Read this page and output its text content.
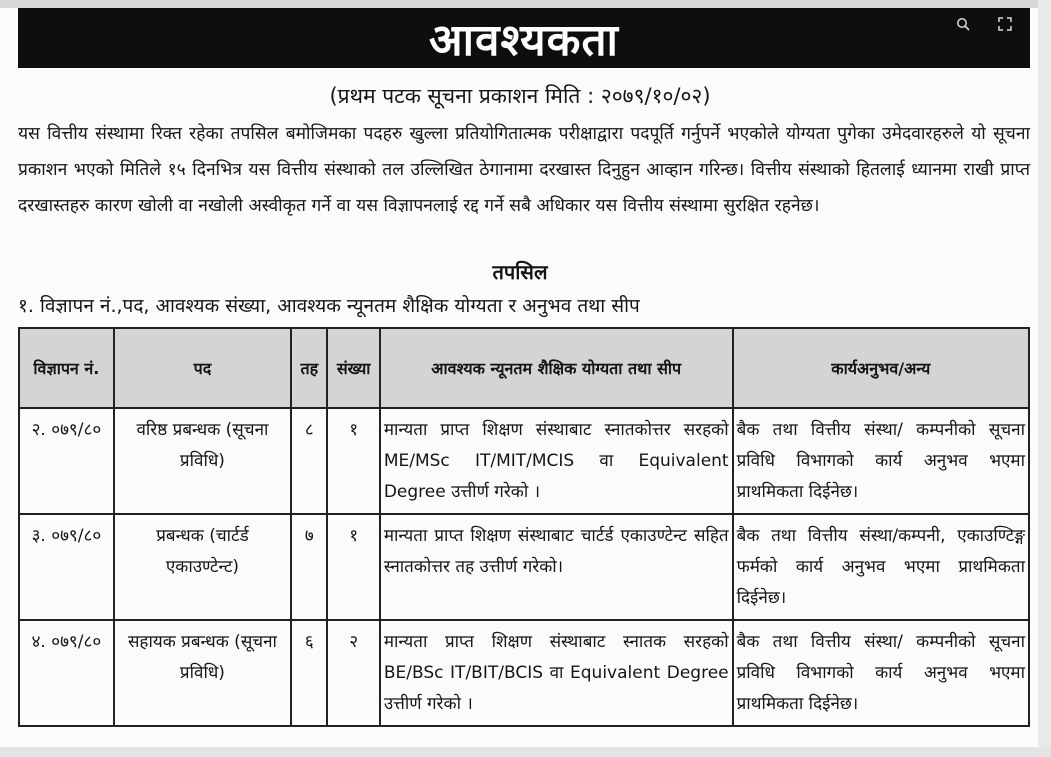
आवश्यकता
(प्रथम पटक सूचना प्रकाशन मिति : २०७९/१०/०२)
यस वित्तीय संस्थामा रिक्त रहेका तपसिल बमोजिमका पदहरु खुल्ला प्रतियोगितात्मक परीक्षाद्वारा पदपूर्ति गर्नुपर्ने भएकोले योग्यता पुगेका उमेदवारहरुले यो सूचना प्रकाशन भएको मितिले १५ दिनभित्र यस वित्तीय संस्थाको तल उल्लिखित ठेगानामा दरखास्त दिनुहुन आव्हान गरिन्छ। वित्तीय संस्थाको हितलाई ध्यानमा राखी प्राप्त दरखास्तहरु कारण खोली वा नखोली अस्वीकृत गर्ने वा यस विज्ञापनलाई रद्द गर्ने सबै अधिकार यस वित्तीय संस्थामा सुरक्षित रहनेछ।
तपसिल
१. विज्ञापन नं.,पद, आवश्यक संख्या, आवश्यक न्यूनतम शैक्षिक योग्यता र अनुभव तथा सीप
विज्ञापन नं.	पद	तह	संख्या	आवश्यक न्यूनतम शैक्षिक योग्यता तथा सीप	कार्यअनुभव/अन्य
२. ०७९/८०	वरिष्ठ प्रबन्धक (सूचना प्रविधि)	८	१	मान्यता प्राप्त शिक्षण संस्थाबाट स्नातकोत्तर सरहको ME/MSc IT/MIT/MCIS वा Equivalent Degree उत्तीर्ण गरेको ।	बैक तथा वित्तीय संस्था/ कम्पनीको सूचना प्रविधि विभागको कार्य अनुभव भएमा प्राथमिकता दिईनेछ।
३. ०७९/८०	प्रबन्धक (चार्टर्ड एकाउण्टेन्ट)	७	१	मान्यता प्राप्त शिक्षण संस्थाबाट चार्टर्ड एकाउण्टेन्ट सहित स्नातकोत्तर तह उत्तीर्ण गरेको।	बैक तथा वित्तीय संस्था/कम्पनी, एकाउण्टिङ्ग फर्मको कार्य अनुभव भएमा प्राथमिकता दिईनेछ।
४. ०७९/८०	सहायक प्रबन्धक (सूचना प्रविधि)	६	२	मान्यता प्राप्त शिक्षण संस्थाबाट स्नातक सरहको BE/BSc IT/BIT/BCIS वा Equivalent Degree उत्तीर्ण गरेको ।	बैक तथा वित्तीय संस्था/ कम्पनीको सूचना प्रविधि विभागको कार्य अनुभव भएमा प्राथमिकता दिईनेछ।
